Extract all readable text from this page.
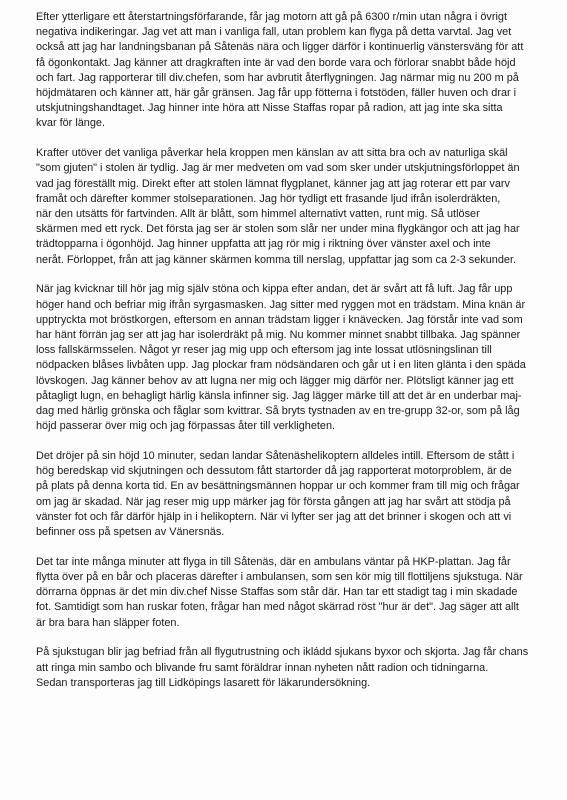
Efter ytterligare ett återstartningsförfarande, får jag motorn att gå på 6300 r/min utan några i övrigt
negativa indikeringar. Jag vet att man i vanliga fall, utan problem kan flyga på detta varvtal. Jag vet
också att jag har landningsbanan på Såtenäs nära och ligger därför i kontinuerlig vänstersväng för att
få ögonkontakt. Jag känner att dragkraften inte är vad den borde vara och förlorar snabbt både höjd
och fart. Jag rapporterar till div.chefen, som har avbrutit återflygningen. Jag närmar mig nu 200 m på
höjdmätaren och känner att, här går gränsen. Jag får upp fötterna i fotstöden, fäller huven och drar i
utskjutningshandtaget. Jag hinner inte höra att Nisse Staffas ropar på radion, att jag inte ska sitta
kvar för länge.

Krafter utöver det vanliga påverkar hela kroppen men känslan av att sitta bra och av naturliga skäl
"som gjuten" i stolen är tydlig. Jag är mer medveten om vad som sker under utskjutningsförloppet än
vad jag föreställt mig. Direkt efter att stolen lämnat flygplanet, känner jag att jag roterar ett par varv
framåt och därefter kommer stolseparationen. Jag hör tydligt ett frasande ljud ifrån isolerdräkten,
när den utsätts för fartvinden. Allt är blått, som himmel alternativt vatten, runt mig. Så utlöser
skärmen med ett ryck. Det första jag ser är stolen som slår ner under mina flygkängor och att jag har
trädtopparna i ögonhöjd. Jag hinner uppfatta att jag rör mig i riktning över vänster axel och inte
neråt. Förloppet, från att jag känner skärmen komma till nerslag, uppfattar jag som ca 2-3 sekunder.

När jag kvicknar till hör jag mig själv stöna och kippa efter andan, det är svårt att få luft. Jag får upp
höger hand och befriar mig ifrån syrgasmasken. Jag sitter med ryggen mot en trädstam. Mina knän är
upptryckta mot bröstkorgen, eftersom en annan trädstam ligger i knävecken. Jag förstår inte vad som
har hänt förrän jag ser att jag har isolerdräkt på mig. Nu kommer minnet snabbt tillbaka. Jag spänner
loss fallskärmsselen. Något yr reser jag mig upp och eftersom jag inte lossat utlösningslinan till
nödpacken blåses livbåten upp. Jag plockar fram nödsändaren och går ut i en liten glänta i den späda
lövskogen. Jag känner behov av att lugna ner mig och lägger mig därför ner. Plötsligt känner jag ett
påtagligt lugn, en behagligt härlig känsla infinner sig. Jag lägger märke till att det är en underbar maj-
dag med härlig grönska och fåglar som kvittrar. Så bryts tystnaden av en tre-grupp 32-or, som på låg
höjd passerar över mig och jag förpassas åter till verkligheten.

Det dröjer på sin höjd 10 minuter, sedan landar Såtenäshelikoptern alldeles intill. Eftersom de stått i
hög beredskap vid skjutningen och dessutom fått startorder då jag rapporterat motorproblem, är de
på plats på denna korta tid. En av besättningsmännen hoppar ur och kommer fram till mig och frågar
om jag är skadad. När jag reser mig upp märker jag för första gången att jag har svårt att stödja på
vänster fot och får därför hjälp in i helikoptern. När vi lyfter ser jag att det brinner i skogen och att vi
befinner oss på spetsen av Vänersnäs.

Det tar inte många minuter att flyga in till Såtenäs, där en ambulans väntar på HKP-plattan. Jag får
flytta över på en bår och placeras därefter i ambulansen, som sen kör mig till flottiljens sjukstuga. När
dörrarna öppnas är det min div.chef Nisse Staffas som står där. Han tar ett stadigt tag i min skadade
fot. Samtidigt som han ruskar foten, frågar han med något skärrad röst "hur är det". Jag säger att allt
är bra bara han släpper foten.

På sjukstugan blir jag befriad från all flygutrustning och ikládd sjukans byxor och skjorta. Jag får chans
att ringa min sambo och blivande fru samt föräldrar innan nyheten nått radion och tidningarna.
Sedan transporteras jag till Lidköpings lasarett för läkarundersökning.
